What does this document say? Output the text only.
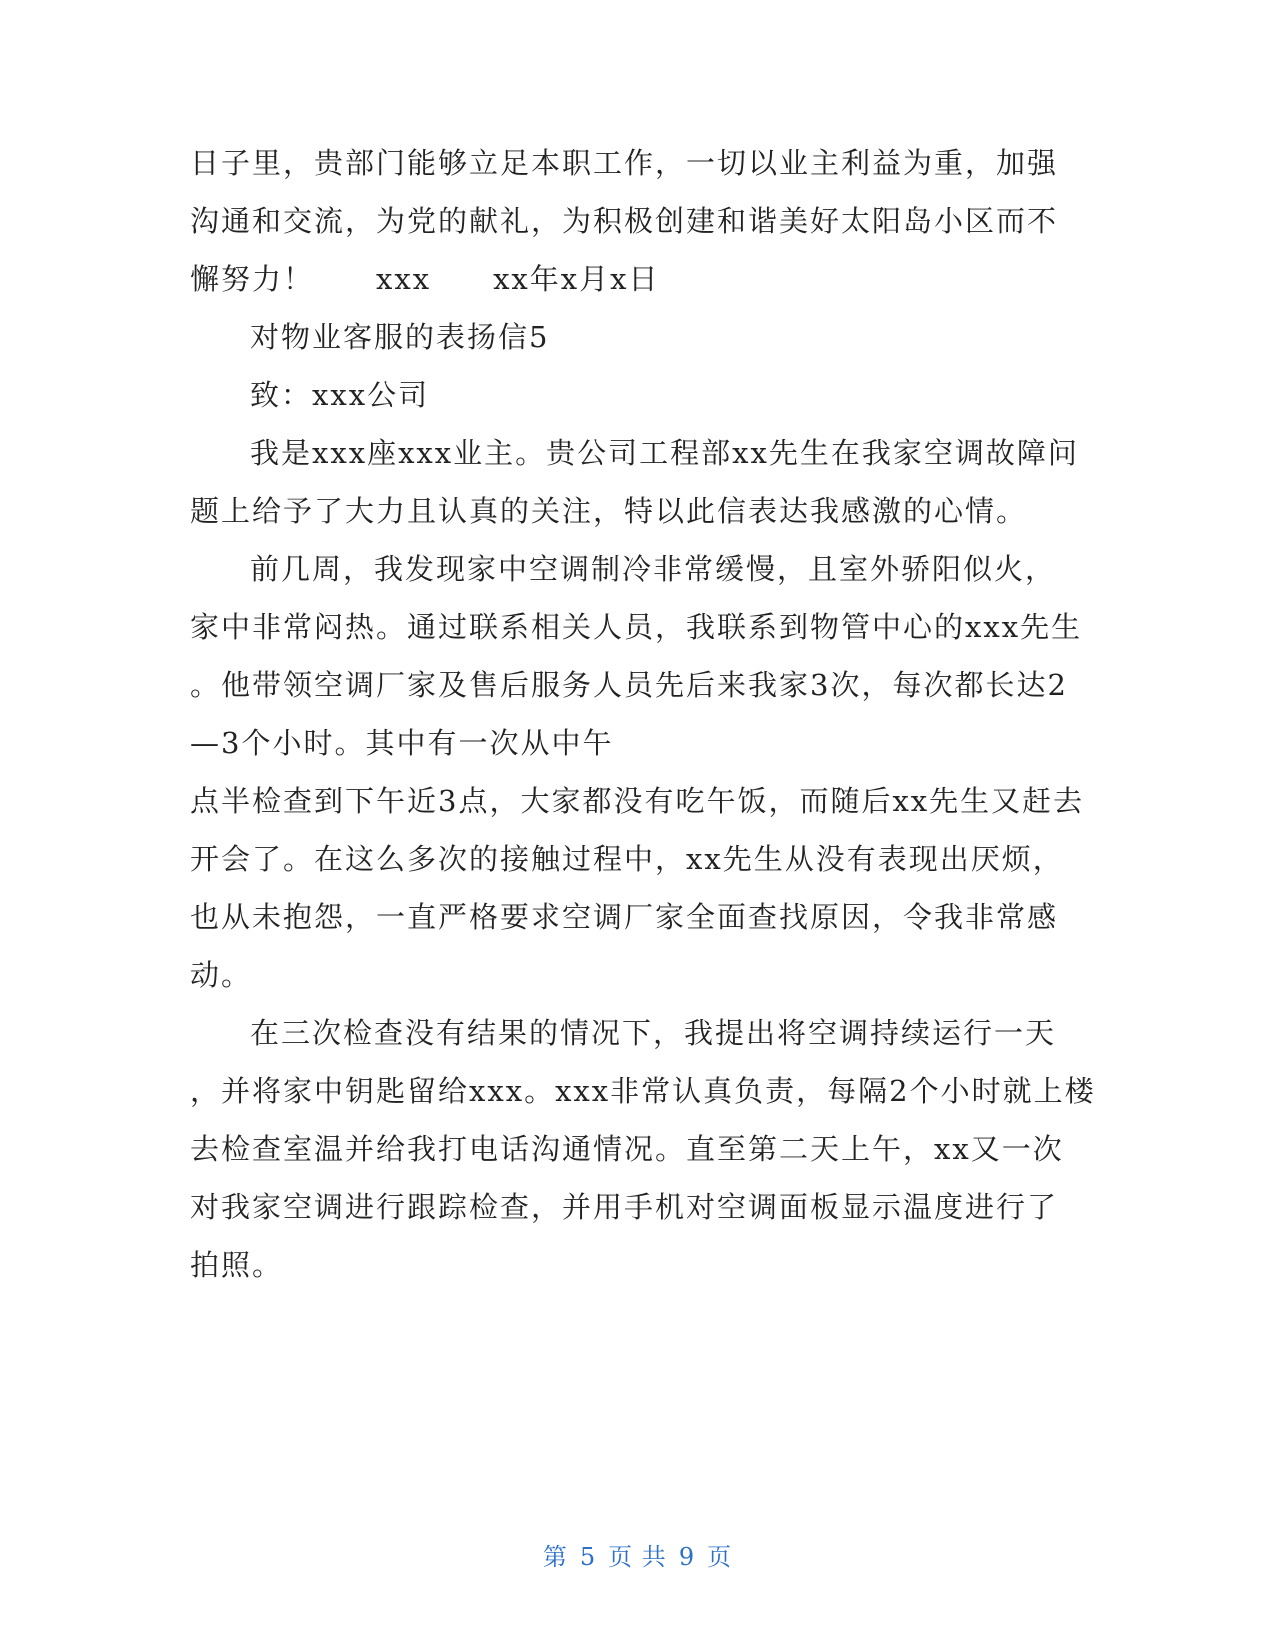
日子里，贵部门能够立足本职工作，一切以业主利益为重，加强
沟通和交流，为党的献礼，为积极创建和谐美好太阳岛小区而不
懈努力！　　xxx　　xx年x月x日
对物业客服的表扬信5
致：xxx公司
我是xxx座xxx业主。贵公司工程部xx先生在我家空调故障问
题上给予了大力且认真的关注，特以此信表达我感激的心情。
前几周，我发现家中空调制冷非常缓慢，且室外骄阳似火，
家中非常闷热。通过联系相关人员，我联系到物管中心的xxx先生
。他带领空调厂家及售后服务人员先后来我家3次，每次都长达2
—3个小时。其中有一次从中午
点半检查到下午近3点，大家都没有吃午饭，而随后xx先生又赶去
开会了。在这么多次的接触过程中，xx先生从没有表现出厌烦，
也从未抱怨，一直严格要求空调厂家全面查找原因，令我非常感
动。
在三次检查没有结果的情况下，我提出将空调持续运行一天
，并将家中钥匙留给xxx。xxx非常认真负责，每隔2个小时就上楼
去检查室温并给我打电话沟通情况。直至第二天上午，xx又一次
对我家空调进行跟踪检查，并用手机对空调面板显示温度进行了
拍照。
第 5 页 共 9 页
